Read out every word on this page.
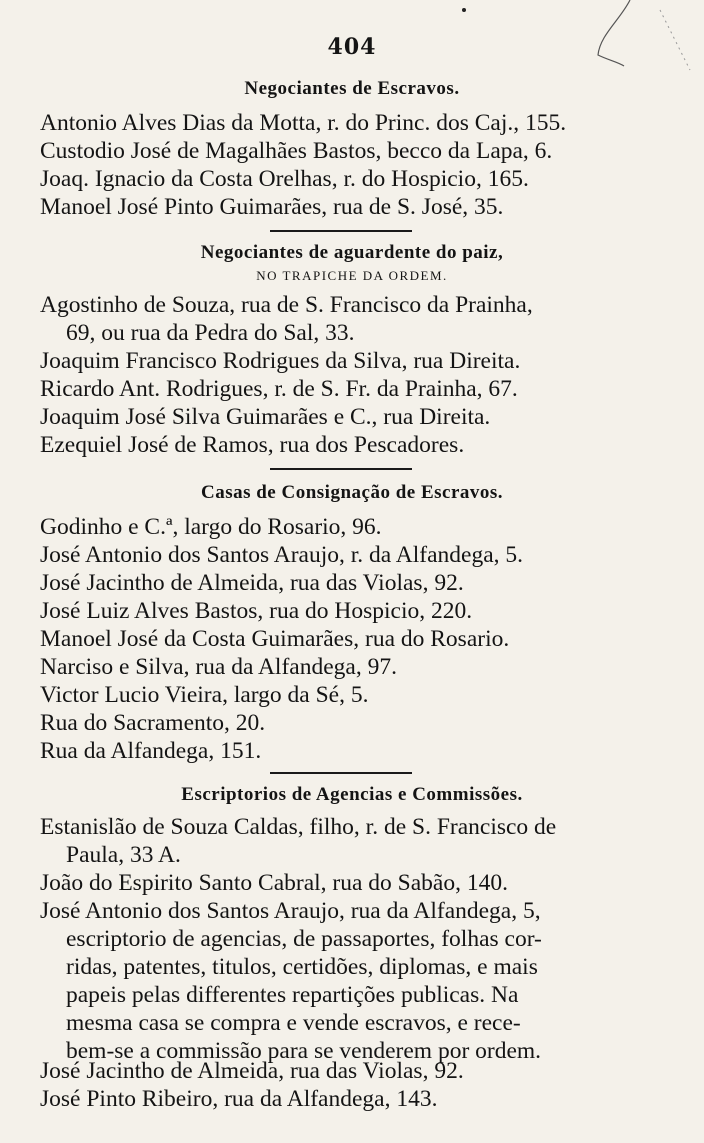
404
Negociantes de Escravos.
Antonio Alves Dias da Motta, r. do Princ. dos Caj., 155.
Custodio José de Magalhães Bastos, becco da Lapa, 6.
Joaq. Ignacio da Costa Orelhas, r. do Hospicio, 165.
Manoel José Pinto Guimarães, rua de S. José, 35.
Negociantes de aguardente do paiz,
NO TRAPICHE DA ORDEM.
Agostinho de Souza, rua de S. Francisco da Prainha,
69, ou rua da Pedra do Sal, 33.
Joaquim Francisco Rodrigues da Silva, rua Direita.
Ricardo Ant. Rodrigues, r. de S. Fr. da Prainha, 67.
Joaquim José Silva Guimarães e C., rua Direita.
Ezequiel José de Ramos, rua dos Pescadores.
Casas de Consignação de Escravos.
Godinho e C.ª, largo do Rosario, 96.
José Antonio dos Santos Araujo, r. da Alfandega, 5.
José Jacintho de Almeida, rua das Violas, 92.
José Luiz Alves Bastos, rua do Hospicio, 220.
Manoel José da Costa Guimarães, rua do Rosario.
Narciso e Silva, rua da Alfandega, 97.
Victor Lucio Vieira, largo da Sé, 5.
Rua do Sacramento, 20.
Rua da Alfandega, 151.
Escriptorios de Agencias e Commissões.
Estanislão de Souza Caldas, filho, r. de S. Francisco de
Paula, 33 A.
João do Espirito Santo Cabral, rua do Sabão, 140.
José Antonio dos Santos Araujo, rua da Alfandega, 5,
escriptorio de agencias, de passaportes, folhas cor-
ridas, patentes, titulos, certidões, diplomas, e mais
papeis pelas differentes repartições publicas. Na
mesma casa se compra e vende escravos, e rece-
bem-se a commissão para se venderem por ordem.
José Jacintho de Almeida, rua das Violas, 92.
José Pinto Ribeiro, rua da Alfandega, 143.
